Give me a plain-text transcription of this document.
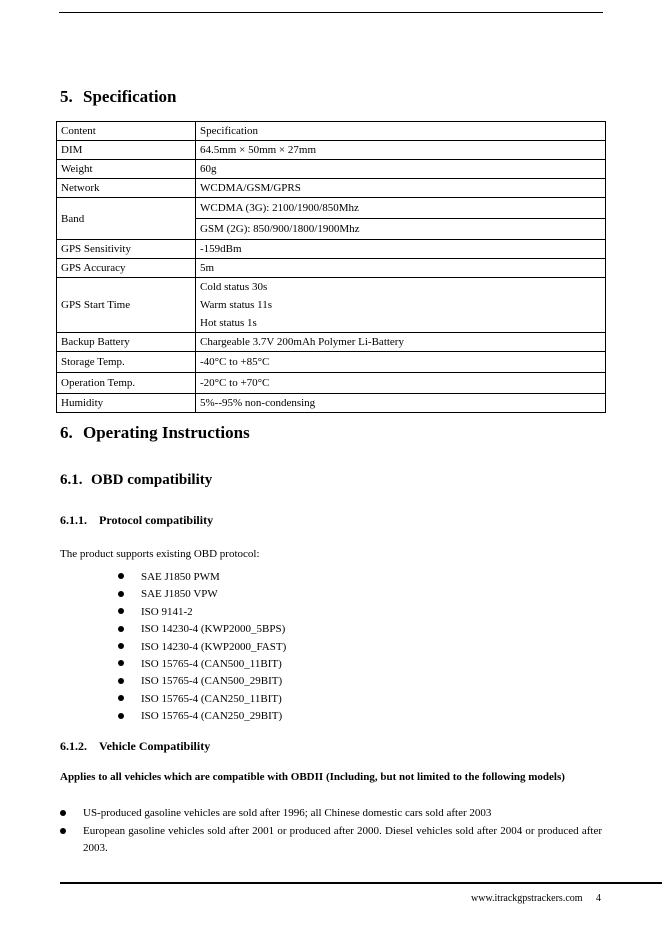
5. Specification
Content	Specification
DIM	64.5mm × 50mm × 27mm
Weight	60g
Network	WCDMA/GSM/GPRS
Band	WCDMA (3G): 2100/1900/850Mhz
	GSM (2G): 850/900/1800/1900Mhz
GPS Sensitivity	-159dBm
GPS Accuracy	5m
GPS Start Time	Cold status 30s
Warm status 11s
Hot status 1s

Backup Battery	Chargeable 3.7V 200mAh Polymer Li-Battery
Storage Temp.	-40°C to +85°C
Operation Temp.	-20°C to +70°C
Humidity	5%--95% non-condensing
6. Operating Instructions
6.1. OBD compatibility
6.1.1. Protocol compatibility
The product supports existing OBD protocol:
SAE J1850 PWM
SAE J1850 VPW
ISO 9141-2
ISO 14230-4 (KWP2000_5BPS)
ISO 14230-4 (KWP2000_FAST)
ISO 15765-4 (CAN500_11BIT)
ISO 15765-4 (CAN500_29BIT)
ISO 15765-4 (CAN250_11BIT)
ISO 15765-4 (CAN250_29BIT)
6.1.2. Vehicle Compatibility
Applies to all vehicles which are compatible with OBDII (Including, but not limited to the following models)
US-produced gasoline vehicles are sold after 1996; all Chinese domestic cars sold after 2003
European gasoline vehicles sold after 2001 or produced after 2000. Diesel vehicles sold after 2004 or produced after 2003.
www.itrackgpstrackers.com 4
